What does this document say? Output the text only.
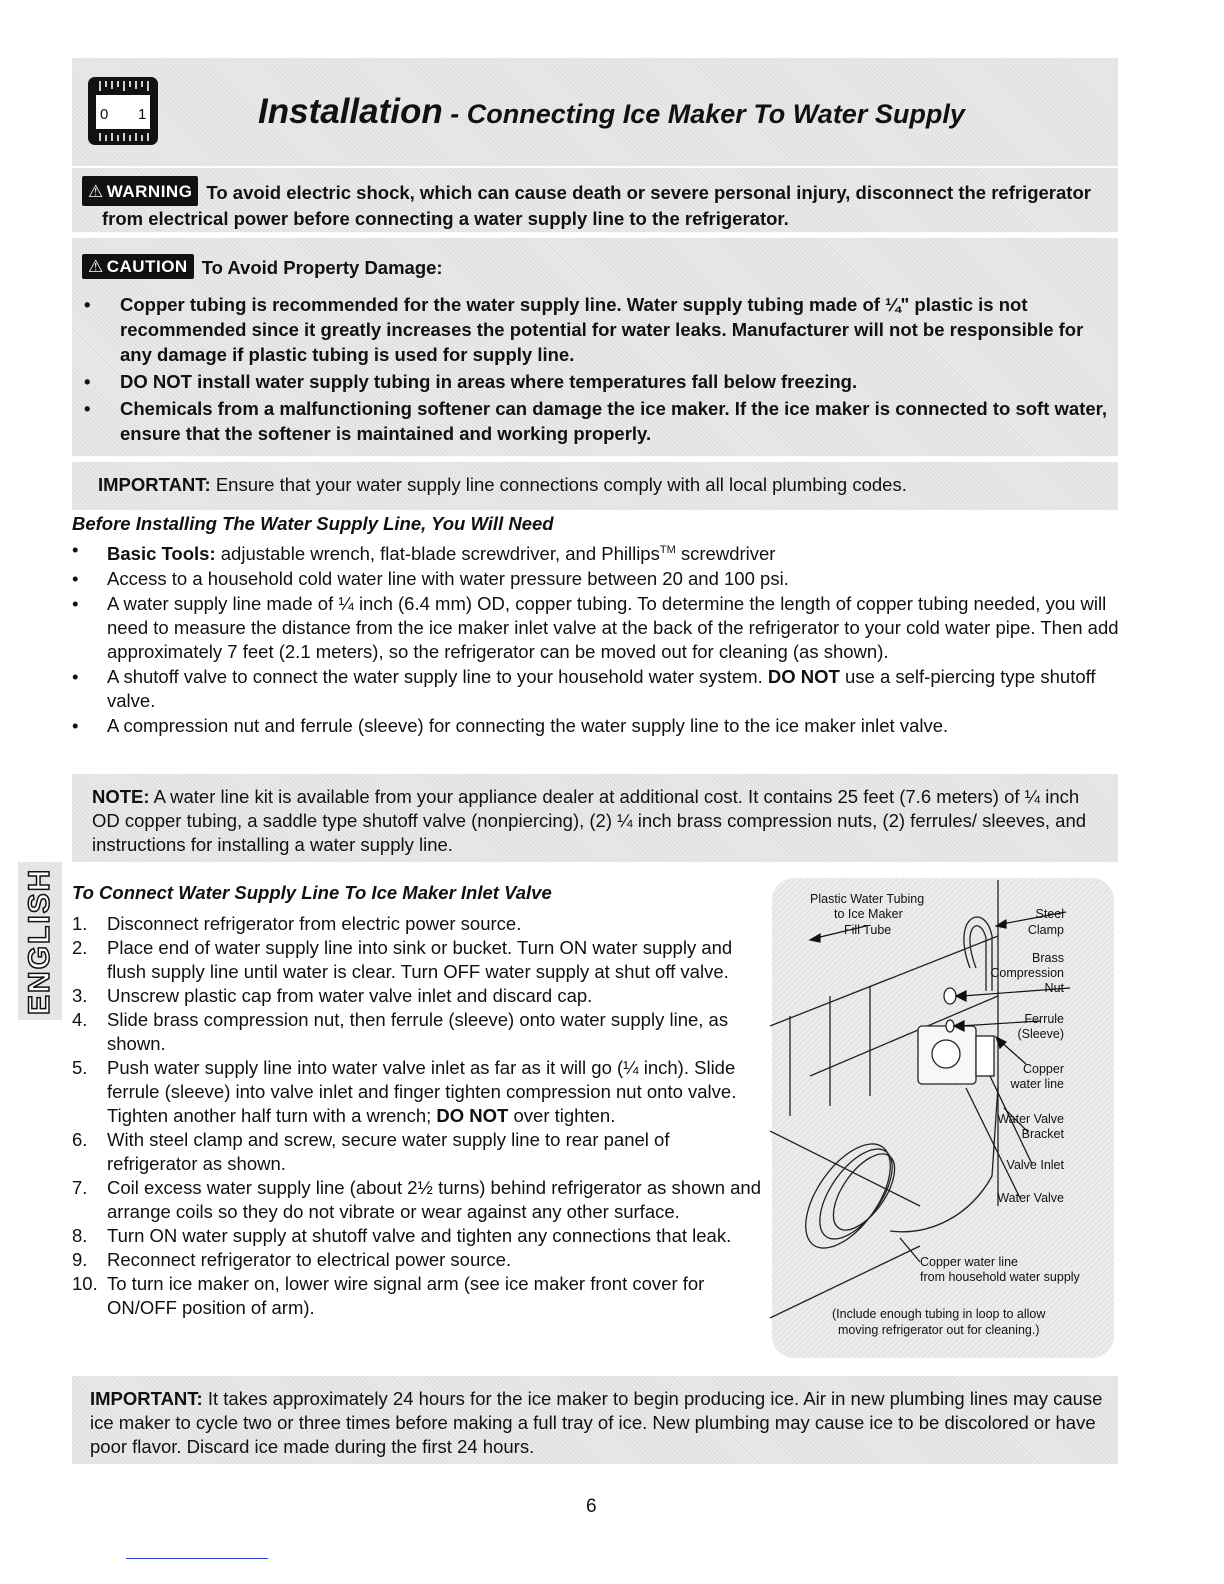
0 1	Installation - Connecting Ice Maker To Water Supply
⚠ WARNING To avoid electric shock, which can cause death or severe personal injury, disconnect the refrigerator
from electrical power before connecting a water supply line to the refrigerator.
⚠ CAUTION To Avoid Property Damage:
• Copper tubing is recommended for the water supply line. Water supply tubing made of ¼" plastic is not recommended since it greatly increases the potential for water leaks. Manufacturer will not be responsible for any damage if plastic tubing is used for supply line.
• DO NOT install water supply tubing in areas where temperatures fall below freezing.
• Chemicals from a malfunctioning softener can damage the ice maker. If the ice maker is connected to soft water, ensure that the softener is maintained and working properly.
IMPORTANT: Ensure that your water supply line connections comply with all local plumbing codes.
Before Installing The Water Supply Line, You Will Need
• Basic Tools: adjustable wrench, flat-blade screwdriver, and Phillips™ screwdriver
• Access to a household cold water line with water pressure between 20 and 100 psi.
• A water supply line made of ¼ inch (6.4 mm) OD, copper tubing. To determine the length of copper tubing needed, you will need to measure the distance from the ice maker inlet valve at the back of the refrigerator to your cold water pipe. Then add approximately 7 feet (2.1 meters), so the refrigerator can be moved out for cleaning (as shown).
• A shutoff valve to connect the water supply line to your household water system. DO NOT use a self-piercing type shutoff valve.
• A compression nut and ferrule (sleeve) for connecting the water supply line to the ice maker inlet valve.
NOTE: A water line kit is available from your appliance dealer at additional cost. It contains 25 feet (7.6 meters) of ¼ inch OD copper tubing, a saddle type shutoff valve (nonpiercing), (2) ¼ inch brass compression nuts, (2) ferrules/ sleeves, and instructions for installing a water supply line.
ENGLISH To Connect Water Supply Line To Ice Maker Inlet Valve
1.	Disconnect refrigerator from electric power source.
2.	Place end of water supply line into sink or bucket. Turn ON water supply and flush supply line until water is clear. Turn OFF water supply at shut off valve.
3.	Unscrew plastic cap from water valve inlet and discard cap.
4.	Slide brass compression nut, then ferrule (sleeve) onto water supply line, as shown.
5.	Push water supply line into water valve inlet as far as it will go (¼ inch). Slide ferrule (sleeve) into valve inlet and finger tighten compression nut onto valve. Tighten another half turn with a wrench; DO NOT over tighten.
6.	With steel clamp and screw, secure water supply line to rear panel of refrigerator as shown.
7.	Coil excess water supply line (about 2½ turns) behind refrigerator as shown and arrange coils so they do not vibrate or wear against any other surface.
8.	Turn ON water supply at shutoff valve and tighten any connections that leak.
9.	Reconnect refrigerator to electrical power source.
10. To turn ice maker on, lower wire signal arm (see ice maker front cover for ON/OFF position of arm).
Plastic Water Tubing
to Ice Maker
Fill Tube
Steel
Clamp
Brass
Compression
Nut
Ferrule
(Sleeve)
Copper
water line
Water Valve
Bracket
Valve Inlet
Water Valve
Copper water line
from household water supply
(Include enough tubing in loop to allow
moving refrigerator out for cleaning.)
IMPORTANT: It takes approximately 24 hours for the ice maker to begin producing ice. Air in new plumbing lines may cause ice maker to cycle two or three times before making a full tray of ice. New plumbing may cause ice to be discolored or have poor flavor. Discard ice made during the first 24 hours.
6
